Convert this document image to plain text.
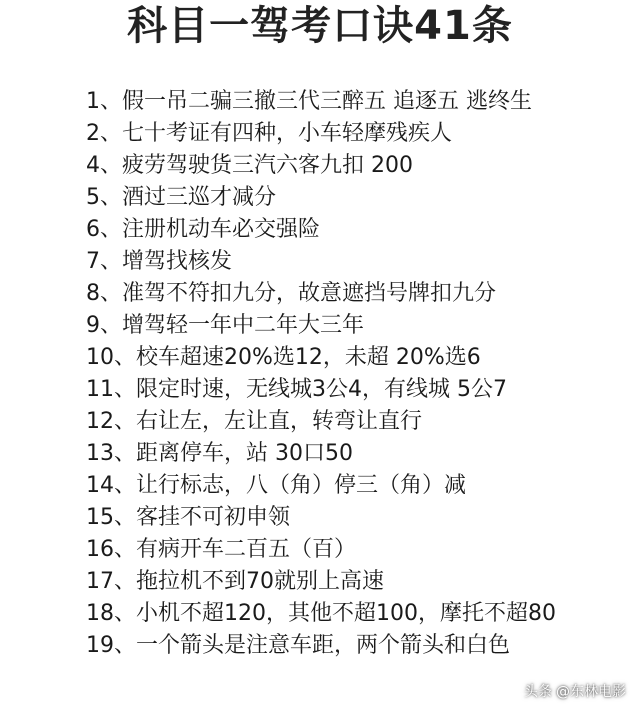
科目一驾考口诀41条
1、假一吊二骗三撤三代三醉五 追逐五 逃终生
2、七十考证有四种，小车轻摩残疾人
4、疲劳驾驶货三汽六客九扣 200
5、酒过三巡才减分
6、注册机动车必交强险
7、增驾找核发
8、准驾不符扣九分，故意遮挡号牌扣九分
9、增驾轻一年中二年大三年
10、校车超速20%选12，未超 20%选6
11、限定时速，无线城3公4，有线城 5公7
12、右让左，左让直，转弯让直行
13、距离停车，站 30口50
14、让行标志，八（角）停三（角）减
15、客挂不可初申领
16、有病开车二百五（百）
17、拖拉机不到70就别上高速
18、小机不超120，其他不超100，摩托不超80
19、一个箭头是注意车距，两个箭头和白色
头条 @东林电影
